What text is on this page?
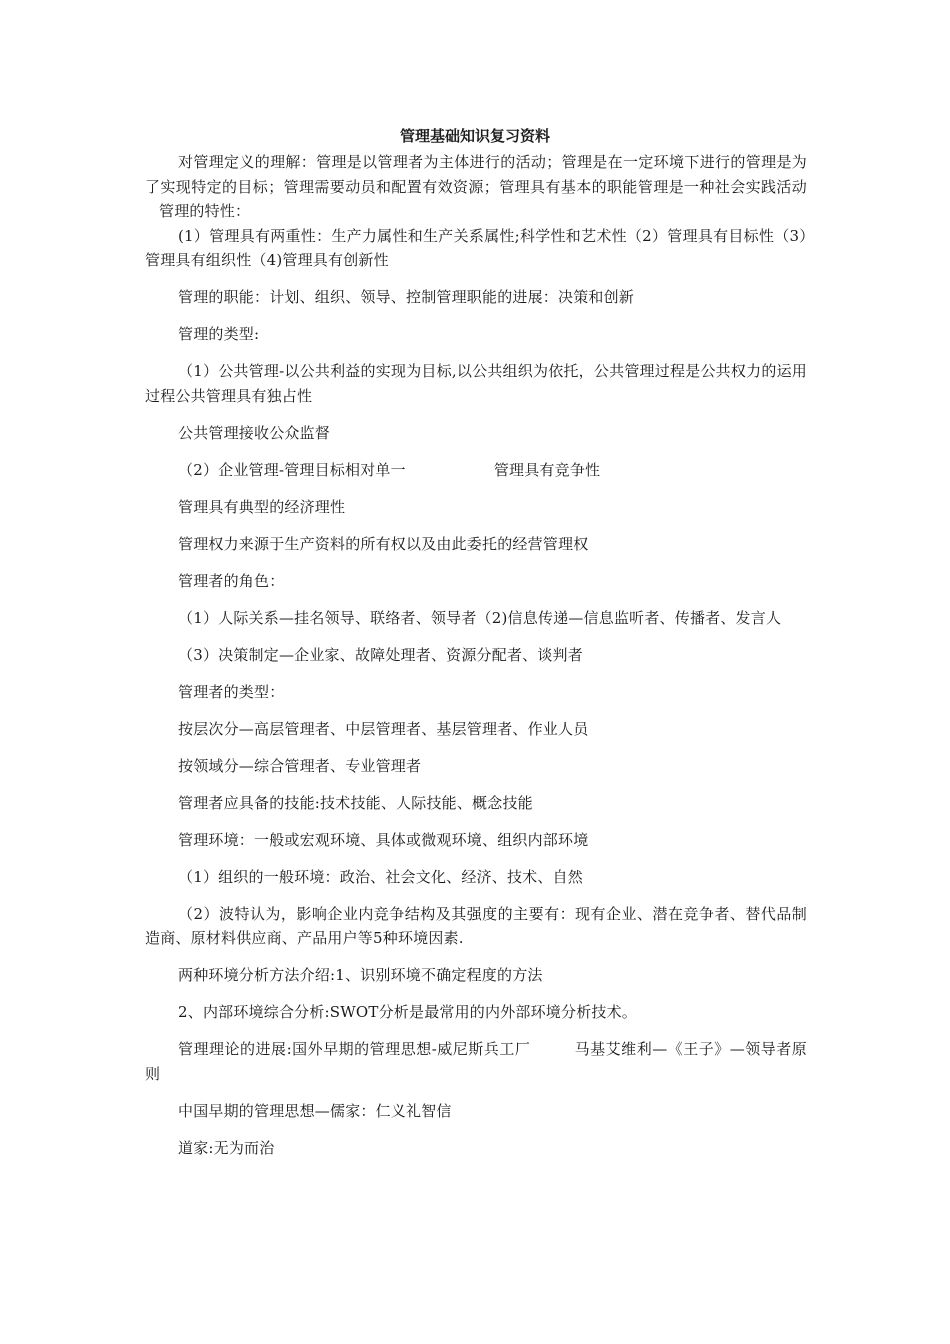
管理基础知识复习资料

对管理定义的理解：管理是以管理者为主体进行的活动；管理是在一定环境下进行的管理是为了实现特定的目标；管理需要动员和配置有效资源；管理具有基本的职能管理是一种社会实践活动管理的特性：

(1）管理具有两重性：生产力属性和生产关系属性;科学性和艺术性（2）管理具有目标性（3）管理具有组织性（4)管理具有创新性

管理的职能：计划、组织、领导、控制管理职能的进展：决策和创新

管理的类型:

（1）公共管理-以公共利益的实现为目标,以公共组织为依托，公共管理过程是公共权力的运用过程公共管理具有独占性

公共管理接收公众监督

（2）企业管理-管理目标相对单一	管理具有竞争性

管理具有典型的经济理性

管理权力来源于生产资料的所有权以及由此委托的经营管理权

管理者的角色：

（1）人际关系—挂名领导、联络者、领导者（2)信息传递—信息监听者、传播者、发言人

（3）决策制定—企业家、故障处理者、资源分配者、谈判者

管理者的类型：

按层次分—高层管理者、中层管理者、基层管理者、作业人员

按领域分—综合管理者、专业管理者

管理者应具备的技能:技术技能、人际技能、概念技能

管理环境：一般或宏观环境、具体或微观环境、组织内部环境

（1）组织的一般环境：政治、社会文化、经济、技术、自然

（2）波特认为，影响企业内竞争结构及其强度的主要有：现有企业、潜在竞争者、替代品制造商、原材料供应商、产品用户等5种环境因素.

两种环境分析方法介绍:1、识别环境不确定程度的方法

2、内部环境综合分析:SWOT分析是最常用的内外部环境分析技术。

管理理论的进展:国外早期的管理思想-威尼斯兵工厂	马基艾维利—《王子》—领导者原则

中国早期的管理思想—儒家：仁义礼智信

道家:无为而治
